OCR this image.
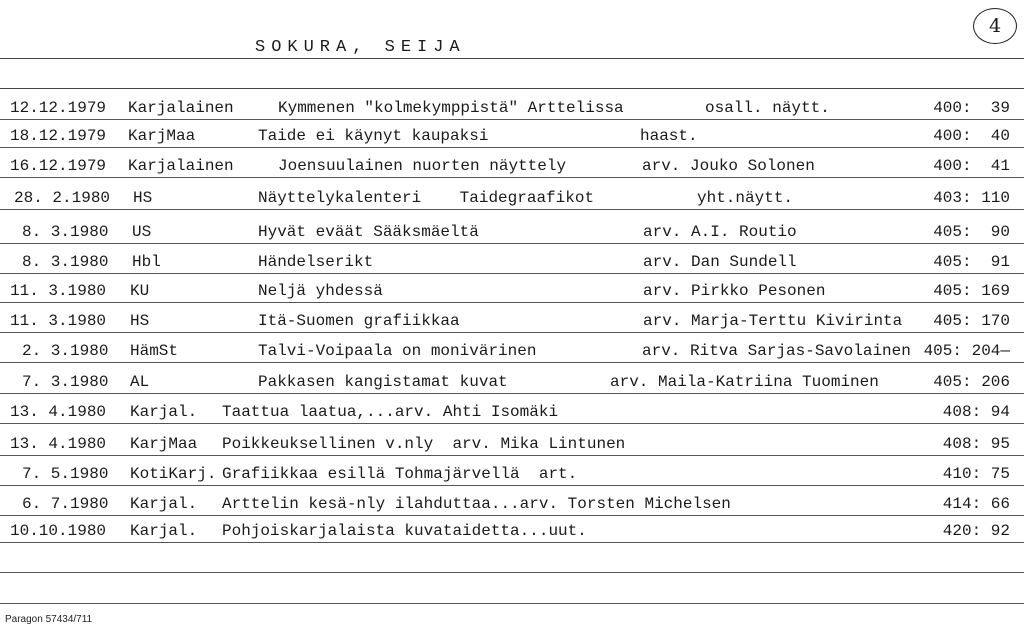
4
SOKURA, SEIJA
12.12.1979 Karjalainen	Kymmenen "kolmekymppistä" Arttelissa	osall. näytt.	400:  39
18.12.1979 KarjMaa	Taide ei käynyt kaupaksi	haast.	400:  40
16.12.1979 Karjalainen	Joensuulainen nuorten näyttely	arv. Jouko Solonen	400:  41
28. 2.1980 HS	Näyttelykalenteri    Taidegraafikot	yht.näytt.	403: 110
8. 3.1980 US	Hyvät eväät Sääksmäeltä	arv. A.I. Routio	405:  90
8. 3.1980 Hbl	Händelserikt	arv. Dan Sundell	405:  91
11. 3.1980 KU	Neljä yhdessä	arv. Pirkko Pesonen	405: 169
11. 3.1980 HS	Itä-Suomen grafiikkaa	arv. Marja-Terttu Kivirinta 405: 170
2. 3.1980 HämSt	Talvi-Voipaala on monivärinen	arv. Ritva Sarjas-Savolainen 405: 204—
7. 3.1980 AL	Pakkasen kangistamat kuvat	arv. Maila-Katriina Tuominen	405: 206
13. 4.1980 Karjal. Taattua laatua,...arv. Ahti Isomäki	408: 94
13. 4.1980 KarjMaa Poikkeuksellinen v.nly  arv. Mika Lintunen	408: 95
7. 5.1980 KotiKarj. Grafiikkaa esillä Tohmajärvellä  art.	410: 75
6. 7.1980 Karjal. Arttelin kesä-nly ilahduttaa...arv. Torsten Michelsen	414: 66
10.10.1980 Karjal. Pohjoiskarjalaista kuvataidetta...uut.	420: 92
Paragon 57434/711
